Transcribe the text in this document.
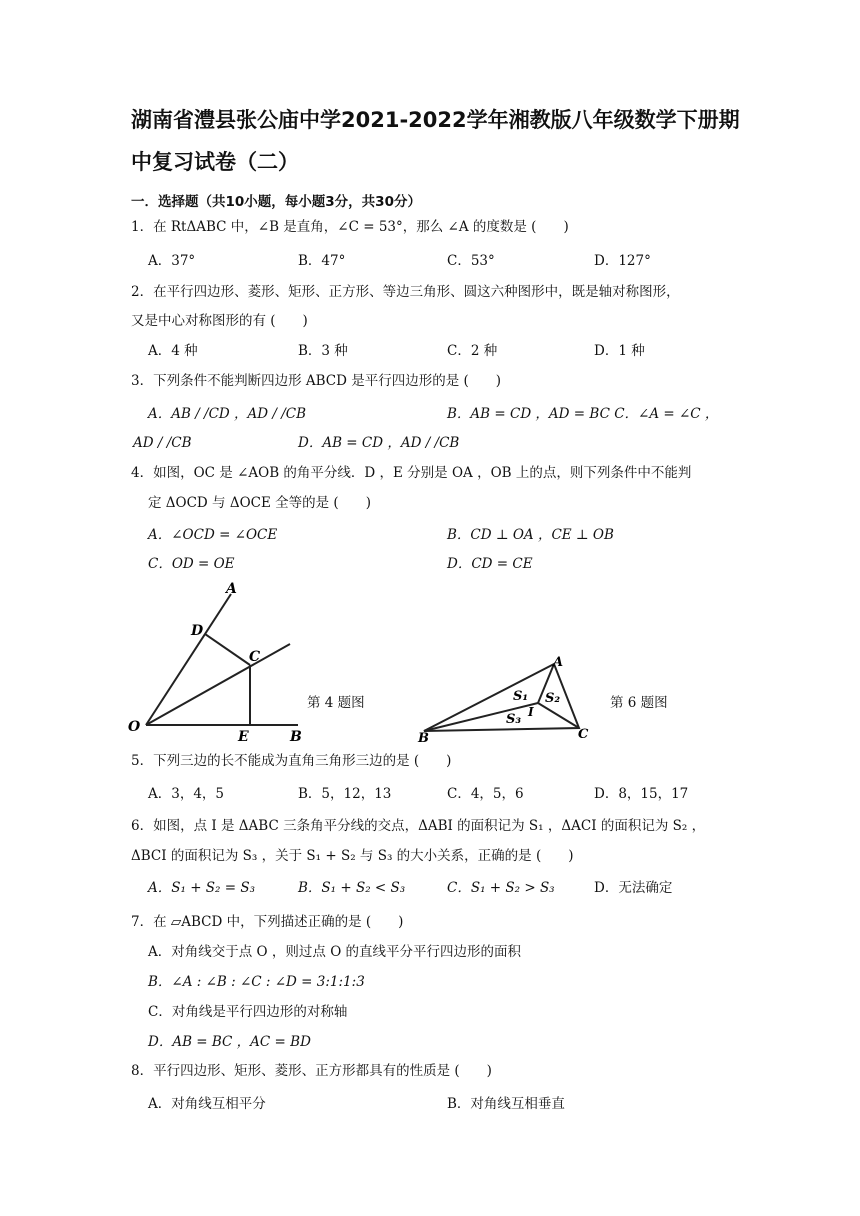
湖南省澧县张公庙中学2021-2022学年湘教版八年级数学下册期
中复习试卷（二）
一．选择题（共10小题，每小题3分，共30分）
1．在 RtΔABC 中，∠B 是直角，∠C = 53°，那么 ∠A 的度数是 (　　)
A．37°	B．47°	C．53°	D．127°
2．在平行四边形、菱形、矩形、正方形、等边三角形、圆这六种图形中，既是轴对称图形，
又是中心对称图形的有 (　　)
A．4 种	B．3 种	C．2 种	D．1 种
3．下列条件不能判断四边形 ABCD 是平行四边形的是 (　　)
A．AB / /CD ，AD / /CB	B．AB = CD ，AD = BC C．∠A = ∠C ，
AD / /CB	D．AB = CD ，AD / /CB
4．如图，OC 是 ∠AOB 的角平分线．D ，E 分别是 OA ，OB 上的点，则下列条件中不能判
定 ΔOCD 与 ΔOCE 全等的是 (　　)
A．∠OCD = ∠OCE	B．CD ⊥ OA ，CE ⊥ OB
C．OD = OE	D．CD = CE
A
D
C
O
E	B
第 4 题图
A
B	C
I
S₁ S₂
S₃
第 6 题图
5．下列三边的长不能成为直角三角形三边的是 (　　)
A．3，4，5	B．5，12，13	C．4，5，6	D．8，15，17
6．如图，点 I 是 ΔABC 三条角平分线的交点，ΔABI 的面积记为 S₁ ，ΔACI 的面积记为 S₂ ，
ΔBCI 的面积记为 S₃ ，关于 S₁ + S₂ 与 S₃ 的大小关系，正确的是 (　　)
A．S₁ + S₂ = S₃	B．S₁ + S₂ < S₃	C．S₁ + S₂ > S₃	D．无法确定
7．在 ▱ABCD 中，下列描述正确的是 (　　)
A．对角线交于点 O ，则过点 O 的直线平分平行四边形的面积
B．∠A : ∠B : ∠C : ∠D = 3:1:1:3
C．对角线是平行四边形的对称轴
D．AB = BC ，AC = BD
8．平行四边形、矩形、菱形、正方形都具有的性质是 (　　)
A．对角线互相平分	B．对角线互相垂直
